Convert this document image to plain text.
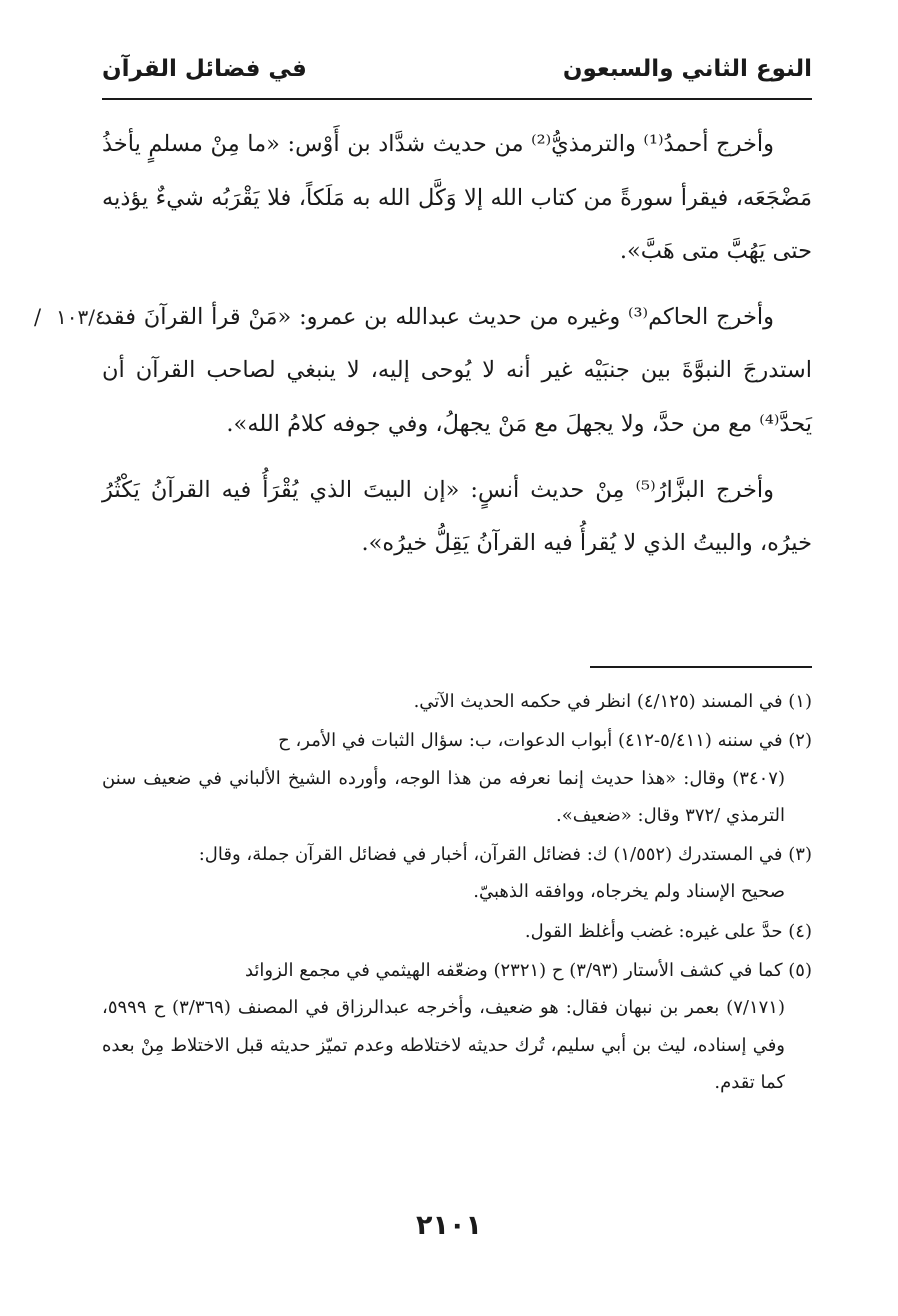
النوع الثاني والسبعون
في فضائل القرآن

وأخرج أحمدُ⁽¹⁾ والترمذيُّ⁽²⁾ من حديث شدَّاد بن أَوْس: «ما مِنْ مسلمٍ يأخذُ مَضْجَعَه، فيقرأ سورةً من كتاب الله إلا وَكَّل الله به مَلَكاً، فلا يَقْرَبُه شيءٌ يؤذيه حتى يَهُبَّ متى هَبَّ».

/ ١٠٣/٤
وأخرج الحاكم⁽³⁾ وغيره من حديث عبدالله بن عمرو: «مَنْ قرأ القرآنَ فقد استدرجَ النبوَّةَ بين جنبَيْه غير أنه لا يُوحى إليه، لا ينبغي لصاحب القرآن أن يَحدَّ⁽⁴⁾ مع من حدَّ، ولا يجهلَ مع مَنْ يجهلُ، وفي جوفه كلامُ الله».

وأخرج البزَّارُ⁽⁵⁾ مِنْ حديث أنسٍ: «إن البيتَ الذي يُقْرَأُ فيه القرآنُ يَكْثُرُ خيرُه، والبيتُ الذي لا يُقرأُ فيه القرآنُ يَقِلُّ خيرُه».

(١) في المسند (٤/١٢٥) انظر في حكمه الحديث الآتي.
(٢) في سننه (٥/٤١١-٤١٢) أبواب الدعوات، ب: سؤال الثبات في الأمر، ح
(٣٤٠٧) وقال: «هذا حديث إنما نعرفه من هذا الوجه، وأورده الشيخ الألباني في ضعيف سنن الترمذي /٣٧٢ وقال: «ضعيف».
(٣) في المستدرك (١/٥٥٢) ك: فضائل القرآن، أخبار في فضائل القرآن جملة، وقال:
صحيح الإسناد ولم يخرجاه، ووافقه الذهبيّ.
(٤) حدَّ على غيره: غضب وأغلظ القول.
(٥) كما في كشف الأستار (٣/٩٣) ح (٢٣٢١) وضعّفه الهيثمي في مجمع الزوائد
(٧/١٧١) بعمر بن نبهان فقال: هو ضعيف، وأخرجه عبدالرزاق في المصنف (٣/٣٦٩) ح ٥٩٩٩، وفي إسناده، ليث بن أبي سليم، تُرك حديثه لاختلاطه وعدم تميّز حديثه قبل الاختلاط مِنْ بعده كما تقدم.
٢١٠١
